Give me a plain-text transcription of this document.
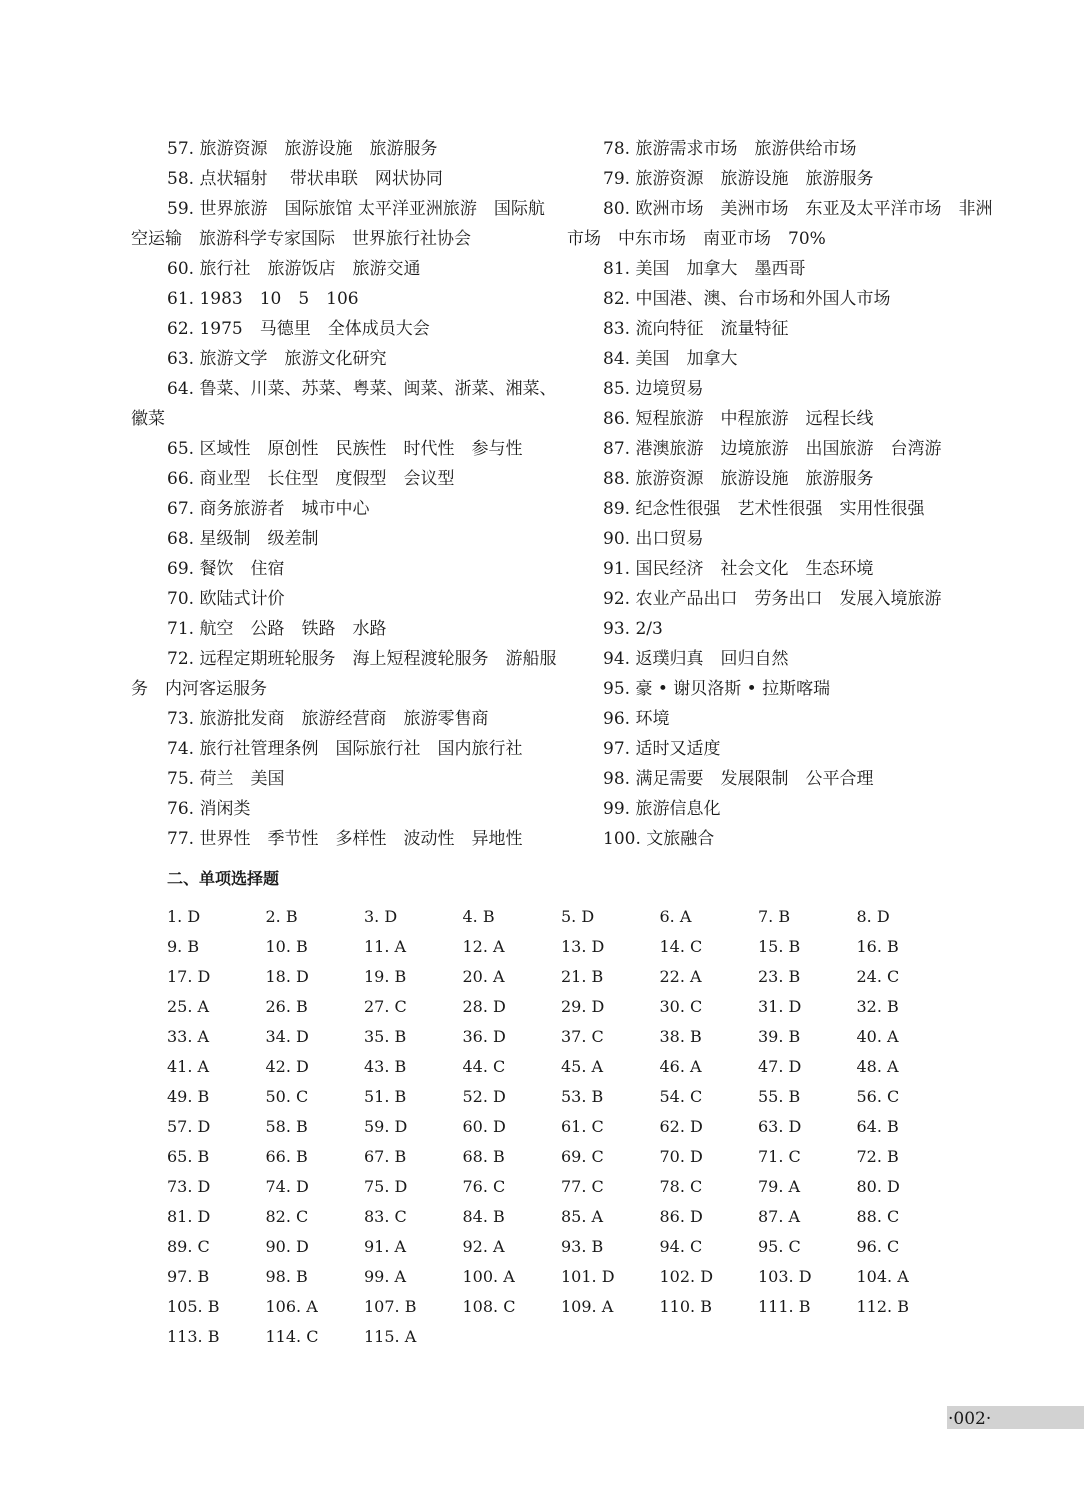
57. 旅游资源　旅游设施　旅游服务

58. 点状辐射　 带状串联　网状协同

59. 世界旅游　国际旅馆 太平洋亚洲旅游　国际航空运输　旅游科学专家国际　世界旅行社协会

60. 旅行社　旅游饭店　旅游交通

61. 1983　10　5　106

62. 1975　马德里　全体成员大会

63. 旅游文学　旅游文化研究

64. 鲁菜、川菜、苏菜、粤菜、闽菜、浙菜、湘菜、徽菜

65. 区域性　原创性　民族性　时代性　参与性

66. 商业型　长住型　度假型　会议型

67. 商务旅游者　城市中心

68. 星级制　级差制

69. 餐饮　住宿

70. 欧陆式计价

71. 航空　公路　铁路　水路

72. 远程定期班轮服务　海上短程渡轮服务　游船服务　内河客运服务

73. 旅游批发商　旅游经营商　旅游零售商

74. 旅行社管理条例　国际旅行社　国内旅行社

75. 荷兰　美国

76. 消闲类

77. 世界性　季节性　多样性　波动性　异地性

78. 旅游需求市场　旅游供给市场

79. 旅游资源　旅游设施　旅游服务

80. 欧洲市场　美洲市场　东亚及太平洋市场　非洲市场　中东市场　南亚市场　70%

81. 美国　加拿大　墨西哥

82. 中国港、澳、台市场和外国人市场

83. 流向特征　流量特征

84. 美国　加拿大

85. 边境贸易

86. 短程旅游　中程旅游　远程长线

87. 港澳旅游　边境旅游　出国旅游　台湾游

88. 旅游资源　旅游设施　旅游服务

89. 纪念性很强　艺术性很强　实用性很强

90. 出口贸易

91. 国民经济　社会文化　生态环境

92. 农业产品出口　劳务出口　发展入境旅游

93. 2/3

94. 返璞归真　回归自然

95. 豪 • 谢贝洛斯 • 拉斯喀瑞

96. 环境

97. 适时又适度

98. 满足需要　发展限制　公平合理

99. 旅游信息化

100. 文旅融合

二、单项选择题

1. D	2. B	3. D	4. B	5. D	6. A	7. B	8. D
9. B	10. B	11. A	12. A	13. D	14. C	15. B	16. B
17. D	18. D	19. B	20. A	21. B	22. A	23. B	24. C
25. A	26. B	27. C	28. D	29. D	30. C	31. D	32. B
33. A	34. D	35. B	36. D	37. C	38. B	39. B	40. A
41. A	42. D	43. B	44. C	45. A	46. A	47. D	48. A
49. B	50. C	51. B	52. D	53. B	54. C	55. B	56. C
57. D	58. B	59. D	60. D	61. C	62. D	63. D	64. B
65. B	66. B	67. B	68. B	69. C	70. D	71. C	72. B
73. D	74. D	75. D	76. C	77. C	78. C	79. A	80. D
81. D	82. C	83. C	84. B	85. A	86. D	87. A	88. C
89. C	90. D	91. A	92. A	93. B	94. C	95. C	96. C
97. B	98. B	99. A	100. A	101. D	102. D	103. D	104. A
105. B	106. A	107. B	108. C	109. A	110. B	111. B	112. B
113. B	114. C	115. A
·002·
